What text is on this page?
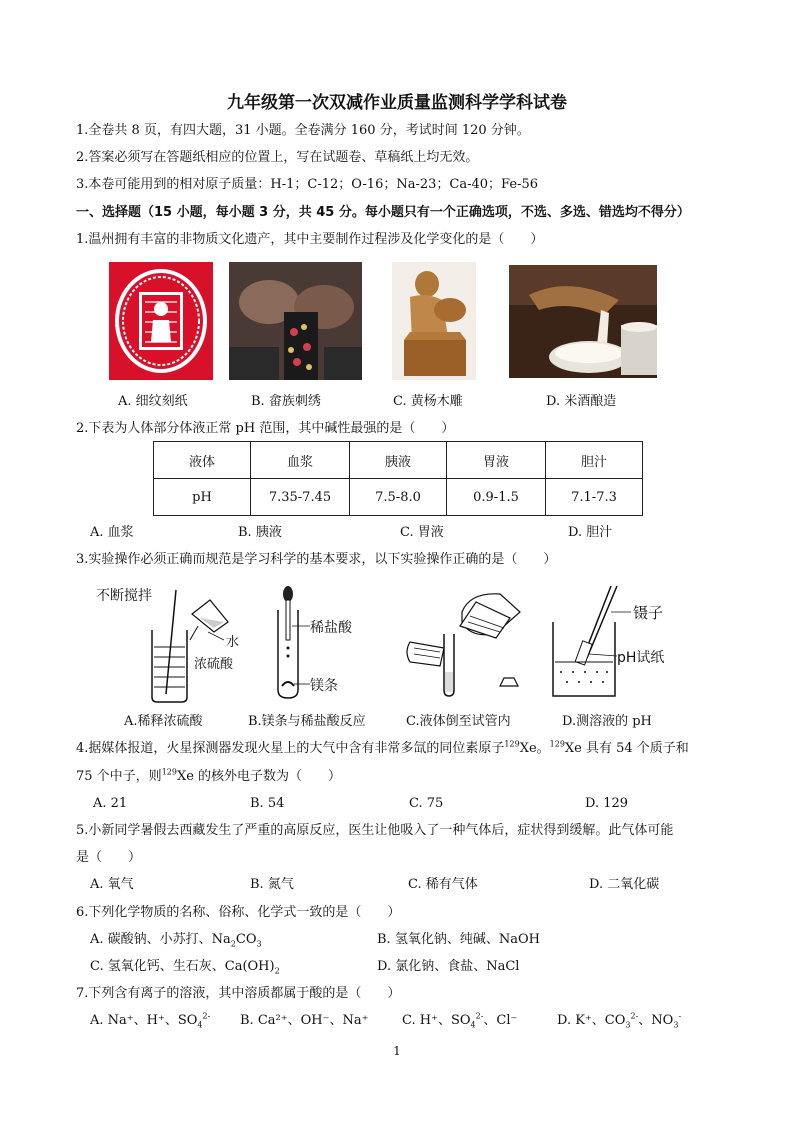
九年级第一次双减作业质量监测科学学科试卷
1.全卷共 8 页，有四大题，31 小题。全卷满分 160 分，考试时间 120 分钟。
2.答案必须写在答题纸相应的位置上，写在试题卷、草稿纸上均无效。
3.本卷可能用到的相对原子质量：H-1；C-12；O-16；Na-23；Ca-40；Fe-56
一、选择题（15 小题，每小题 3 分，共 45 分。每小题只有一个正确选项，不选、多选、错选均不得分）
1.温州拥有丰富的非物质文化遗产，其中主要制作过程涉及化学变化的是（　　）
A. 细纹刻纸	B. 畲族刺绣	C. 黄杨木雕	D. 米酒酿造
2.下表为人体部分体液正常 pH 范围，其中碱性最强的是（　　）
液体	血浆	胰液	胃液	胆汁
pH	7.35-7.45	7.5-8.0	0.9-1.5	7.1-7.3
A. 血浆	B. 胰液	C. 胃液	D. 胆汁
3.实验操作必须正确而规范是学习科学的基本要求，以下实验操作正确的是（　　）
不断搅拌
水
浓硫酸
稀盐酸
镁条
镊子
pH试纸
A.稀释浓硫酸	B.镁条与稀盐酸反应	C.液体倒至试管内	D.测溶液的 pH
4.据媒体报道，火星探测器发现火星上的大气中含有非常多氙的同位素原子$^{129}$Xe。$^{129}$Xe 具有 54 个质子和
75 个中子，则$^{129}$Xe 的核外电子数为（　　）
A. 21	B. 54	C. 75	D. 129
5.小新同学暑假去西藏发生了严重的高原反应，医生让他吸入了一种气体后，症状得到缓解。此气体可能
是（　　）
A. 氧气	B. 氮气	C. 稀有气体	D. 二氧化碳
6.下列化学物质的名称、俗称、化学式一致的是（　　）
A. 碳酸钠、小苏打、$Na_2CO_3$	B. 氢氧化钠、纯碱、NaOH
C. 氢氧化钙、生石灰、$Ca(OH)_2$	D. 氯化钠、食盐、NaCl
7.下列含有离子的溶液，其中溶质都属于酸的是（　　）
A. Na⁺、H⁺、$SO_4^{2-}$ B. Ca²⁺、OH⁻、Na⁺	C. H⁺、$SO_4^{2-}$、Cl⁻	D. K⁺、$CO_3^{2-}$、$NO_3^-$
1
